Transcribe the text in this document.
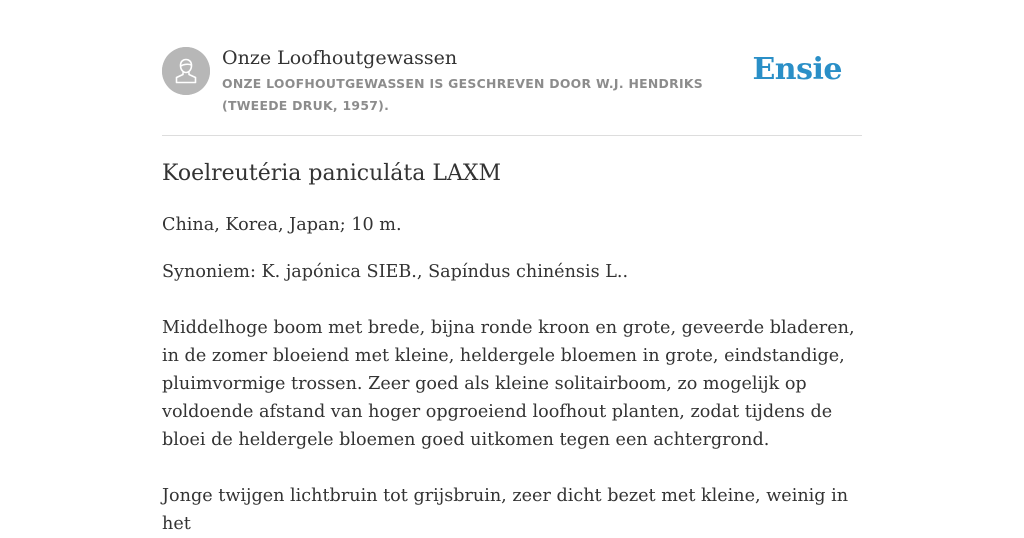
Onze Loofhoutgewassen
ONZE LOOFHOUTGEWASSEN IS GESCHREVEN DOOR W.J. HENDRIKS (TWEEDE DRUK, 1957).
Ensie
Koelreutéria paniculáta LAXM

China, Korea, Japan; 10 m.

Synoniem: K. japónica SIEB., Sapíndus chinénsis L..

Middelhoge boom met brede, bijna ronde kroon en grote, geveerde bladeren, in de zomer bloeiend met kleine, heldergele bloemen in grote, eindstandige, pluimvormige trossen. Zeer goed als kleine solitairboom, zo mogelijk op voldoende afstand van hoger opgroeiend loofhout planten, zodat tijdens de bloei de heldergele bloemen goed uitkomen tegen een achtergrond.

Jonge twijgen lichtbruin tot grijsbruin, zeer dicht bezet met kleine, weinig in het
